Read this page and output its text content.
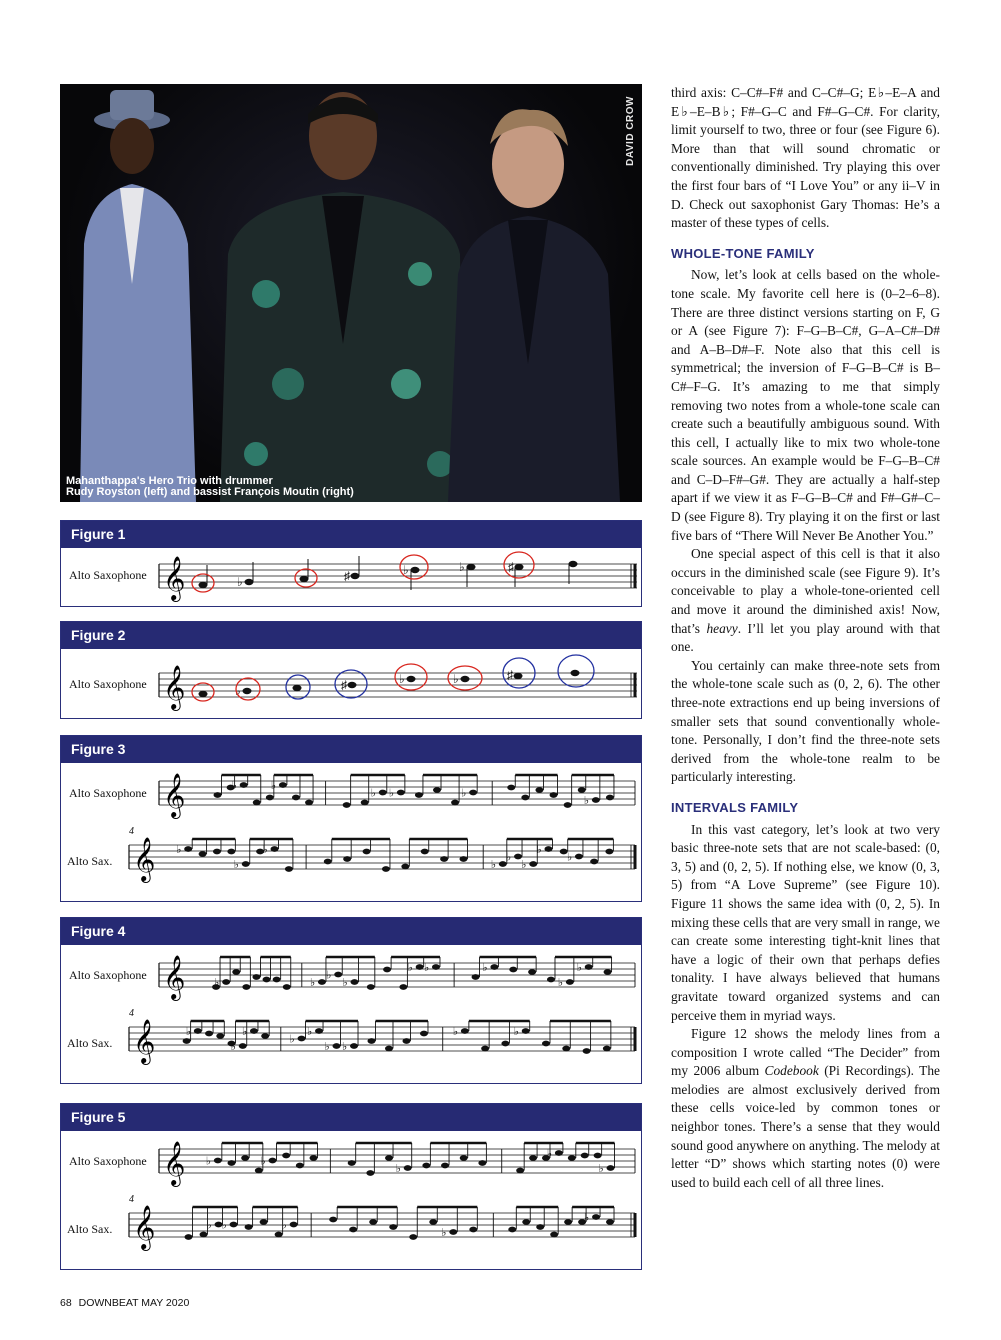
DAVID CROW
Mahanthappa's Hero Trio with drummer
Rudy Royston (left) and bassist François Moutin (right)
Figure 1
Alto Saxophone 𝄞	♭	♯	♭	♭	♯
Figure 2
Alto Saxophone 𝄞	♭	♯	♭	♭	♯
Figure 3
Alto Saxophone
4
Alto Sax.
𝄞	♭	♭
♭ ♭	♭
♭
𝄞 ♭
♭
♭
♭
♭
♭
♭
♭
Figure 4
Alto Saxophone
4
Alto Sax.
𝄞	♭	♭
♭
♭
♭ ♭	♭
♭
♭
𝄞	♭
♭
♭
♭
♭
♭ ♭
♭	♭
Figure 5
Alto Saxophone
4
Alto Sax.
𝄞 ♭	♭
♭
♭
♭
𝄞	♭ ♭	♭
♭
♭

third axis: C–C#–F# and C–C#–G; E♭–E–A and E♭–E–B♭; F#–G–C and F#–G–C#. For clarity, limit yourself to two, three or four (see Figure 6). More than that will sound chromatic or conventionally diminished. Try playing this over the first four bars of “I Love You” or any ii–V in D. Check out saxophonist Gary Thomas: He’s a master of these types of cells.

WHOLE-TONE FAMILY

Now, let’s look at cells based on the whole-tone scale. My favorite cell here is (0–2–6–8). There are three distinct versions starting on F, G or A (see Figure 7): F–G–B–C#, G–A–C#–D# and A–B–D#–F. Note also that this cell is symmetrical; the inversion of F–G–B–C# is B–C#–F–G. It’s amazing to me that simply removing two notes from a whole-tone scale can create such a beautifully ambiguous sound. With this cell, I actually like to mix two whole-tone scale sources. An example would be F–G–B–C# and C–D–F#–G#. They are actually a half-step apart if we view it as F–G–B–C# and F#–G#–C–D (see Figure 8). Try playing it on the first or last five bars of “There Will Never Be Another You.”

One special aspect of this cell is that it also occurs in the diminished scale (see Figure 9). It’s conceivable to play a whole-tone-oriented cell and move it around the diminished axis! Now, that’s heavy. I’ll let you play around with that one.

You certainly can make three-note sets from the whole-tone scale such as (0, 2, 6). The other three-note extractions end up being inversions of smaller sets that sound conventionally whole-tone. Personally, I don’t find the three-note sets derived from the whole-tone realm to be particularly interesting.

INTERVALS FAMILY

In this vast category, let’s look at two very basic three-note sets that are not scale-based: (0, 3, 5) and (0, 2, 5). If nothing else, we know (0, 3, 5) from “A Love Supreme” (see Figure 10). Figure 11 shows the same idea with (0, 2, 5). In mixing these cells that are very small in range, we can create some interesting tight-knit lines that have a logic of their own that perhaps defies tonality. I have always believed that humans gravitate toward organized systems and can perceive them in myriad ways.

Figure 12 shows the melody lines from a composition I wrote called “The Decider” from my 2006 album Codebook (Pi Recordings). The melodies are almost exclusively derived from these cells voice-led by common tones or neighbor tones. There’s a sense that they would sound good anywhere on anything. The melody at letter “D” shows which starting notes (0) were used to build each cell of all three lines.

68 DOWNBEAT MAY 2020
